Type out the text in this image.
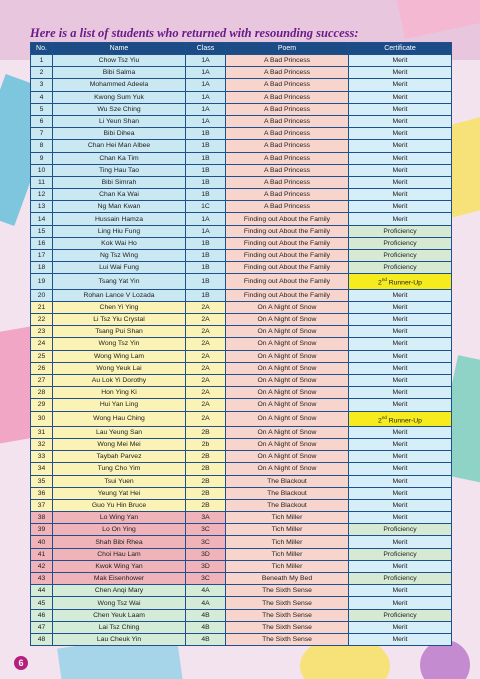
Here is a list of students who returned with resounding success:
No.	Name	Class	Poem	Certificate
1	Chow Tsz Yiu	1A	A Bad Princess	Merit
2	Bibi Salma	1A	A Bad Princess	Merit
3	Mohammed Adeela	1A	A Bad Princess	Merit
4	Kwong Sum Yuk	1A	A Bad Princess	Merit
5	Wu Sze Ching	1A	A Bad Princess	Merit
6	Li Yeun Shan	1A	A Bad Princess	Merit
7	Bibi Dihea	1B	A Bad Princess	Merit
8	Chan Hei Man Albee	1B	A Bad Princess	Merit
9	Chan Ka Tim	1B	A Bad Princess	Merit
10	Ting Hau Tao	1B	A Bad Princess	Merit
11	Bibi Simrah	1B	A Bad Princess	Merit
12	Chan Ka Wai	1B	A Bad Princess	Merit
13	Ng Man Kwan	1C	A Bad Princess	Merit
14	Hussain Hamza	1A	Finding out About the Family	Merit
15	Ling Hiu Fung	1A	Finding out About the Family	Proficiency
16	Kok Wai Ho	1B	Finding out About the Family	Proficiency
17	Ng Tsz Wing	1B	Finding out About the Family	Proficiency
18	Lui Wai Fung	1B	Finding out About the Family	Proficiency
19	Tsang Yat Yin	1B	Finding out About the Family	2nd Runner-Up
20	Rohan Lance V Lozada	1B	Finding out About the Family	Merit
21	Chen Yi Ying	2A	On A Night of Snow	Merit
22	Li Tsz Yiu Crystal	2A	On A Night of Snow	Merit
23	Tsang Pui Shan	2A	On A Night of Snow	Merit
24	Wong Tsz Yin	2A	On A Night of Snow	Merit
25	Wong Wing Lam	2A	On A Night of Snow	Merit
26	Wong Yeuk Lai	2A	On A Night of Snow	Merit
27	Au Lok Yi Dorothy	2A	On A Night of Snow	Merit
28	Hon Ying Ki	2A	On A Night of Snow	Merit
29	Hui Yan Ling	2A	On A Night of Snow	Merit
30	Wong Hau Ching	2A	On A Night of Snow	2nd Runner-Up
31	Lau Yeung San	2B	On A Night of Snow	Merit
32	Wong Mei Mei	2b	On A Night of Snow	Merit
33	Taybah Parvez	2B	On A Night of Snow	Merit
34	Tung Cho Yim	2B	On A Night of Snow	Merit
35	Tsui Yuen	2B	The Blackout	Merit
36	Yeung Yat Hei	2B	The Blackout	Merit
37	Guo Yu Hin Bruce	2B	The Blackout	Merit
38	Lo Wing Yan	3A	Tich Miller	Merit
39	Lo On Ying	3C	Tich Miller	Proficiency
40	Shah Bibi Rhea	3C	Tich Miller	Merit
41	Choi Hau Lam	3D	Tich Miller	Proficiency
42	Kwok Wing Yan	3D	Tich Miller	Merit
43	Mak Eisenhower	3C	Beneath My Bed	Proficiency
44	Chen Anqi Mary	4A	The Sixth Sense	Merit
45	Wong Tsz Wai	4A	The Sixth Sense	Merit
46	Chen Yeuk Laam	4B	The Sixth Sense	Proficiency
47	Lai Tsz Ching	4B	The Sixth Sense	Merit
48	Lau Cheuk Yin	4B	The Sixth Sense	Merit
6
